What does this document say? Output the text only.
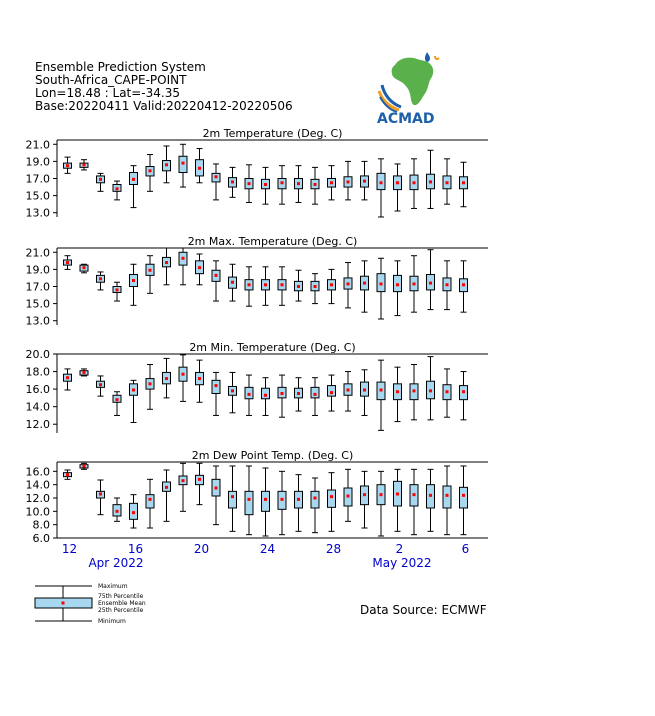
Ensemble Prediction System
South-Africa_CAPE-POINT
Lon=18.48 : Lat=-34.35
Base:20220411 Valid:20220412-20220506
ACMAD
2m Temperature (Deg. C)
21.0
19.0
17.0
15.0
13.0
2m Max. Temperature (Deg. C)
21.0
19.0
17.0
15.0
13.0
2m Min. Temperature (Deg. C)
20.0
18.0
16.0
14.0
12.0
2m Dew Point Temp. (Deg. C)
16.0
14.0
12.0
10.0
8.0
6.0
12	16	20	24	28	2	6
Apr 2022	May 2022
Maximum
75th Percentile
Ensemble Mean
25th Percentile
Minimum
Data Source: ECMWF
